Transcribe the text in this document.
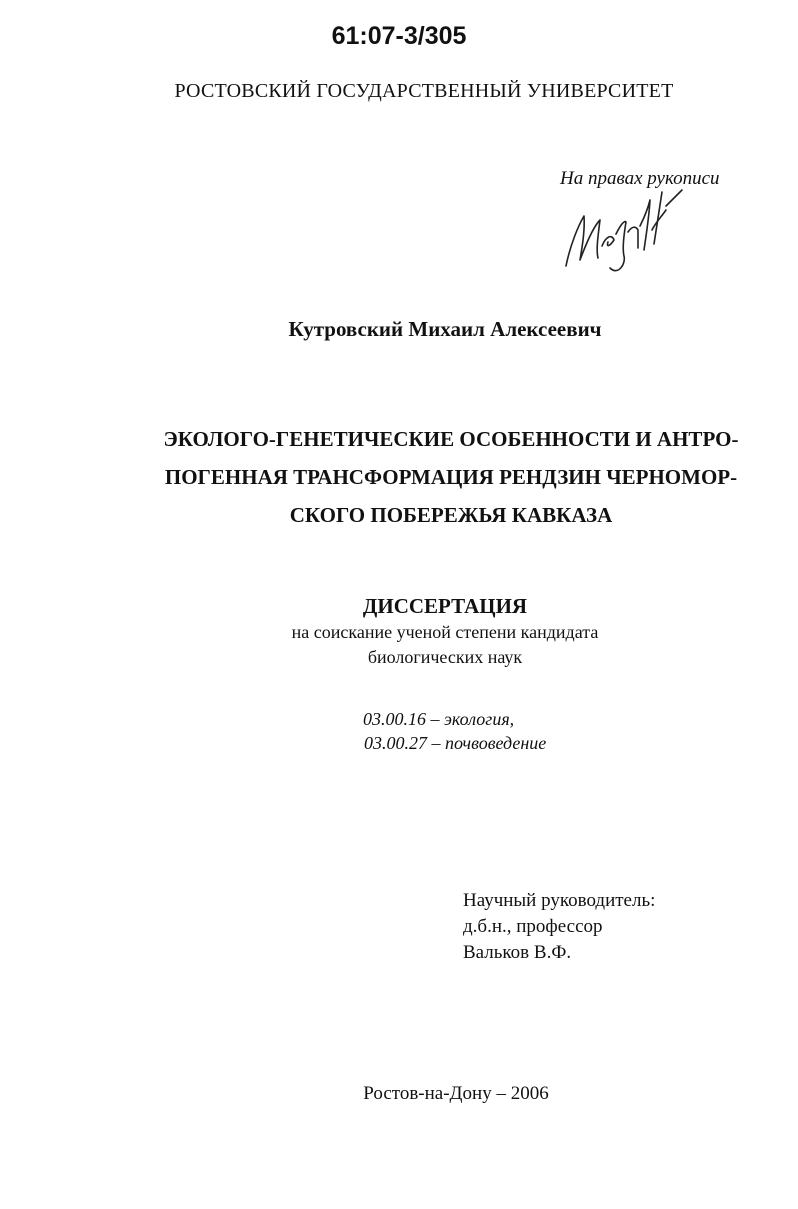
61:07-3/305
РОСТОВСКИЙ ГОСУДАРСТВЕННЫЙ УНИВЕРСИТЕТ
На правах рукописи
Кутровский Михаил Алексеевич
ЭКОЛОГО-ГЕНЕТИЧЕСКИЕ ОСОБЕННОСТИ И АНТРО-
ПОГЕННАЯ ТРАНСФОРМАЦИЯ РЕНДЗИН ЧЕРНОМОР-
СКОГО ПОБЕРЕЖЬЯ КАВКАЗА
ДИССЕРТАЦИЯ
на соискание ученой степени кандидата
биологических наук
03.00.16 – экология,
03.00.27 – почвоведение
Научный руководитель:
д.б.н., профессор
Вальков В.Ф.
Ростов-на-Дону – 2006
